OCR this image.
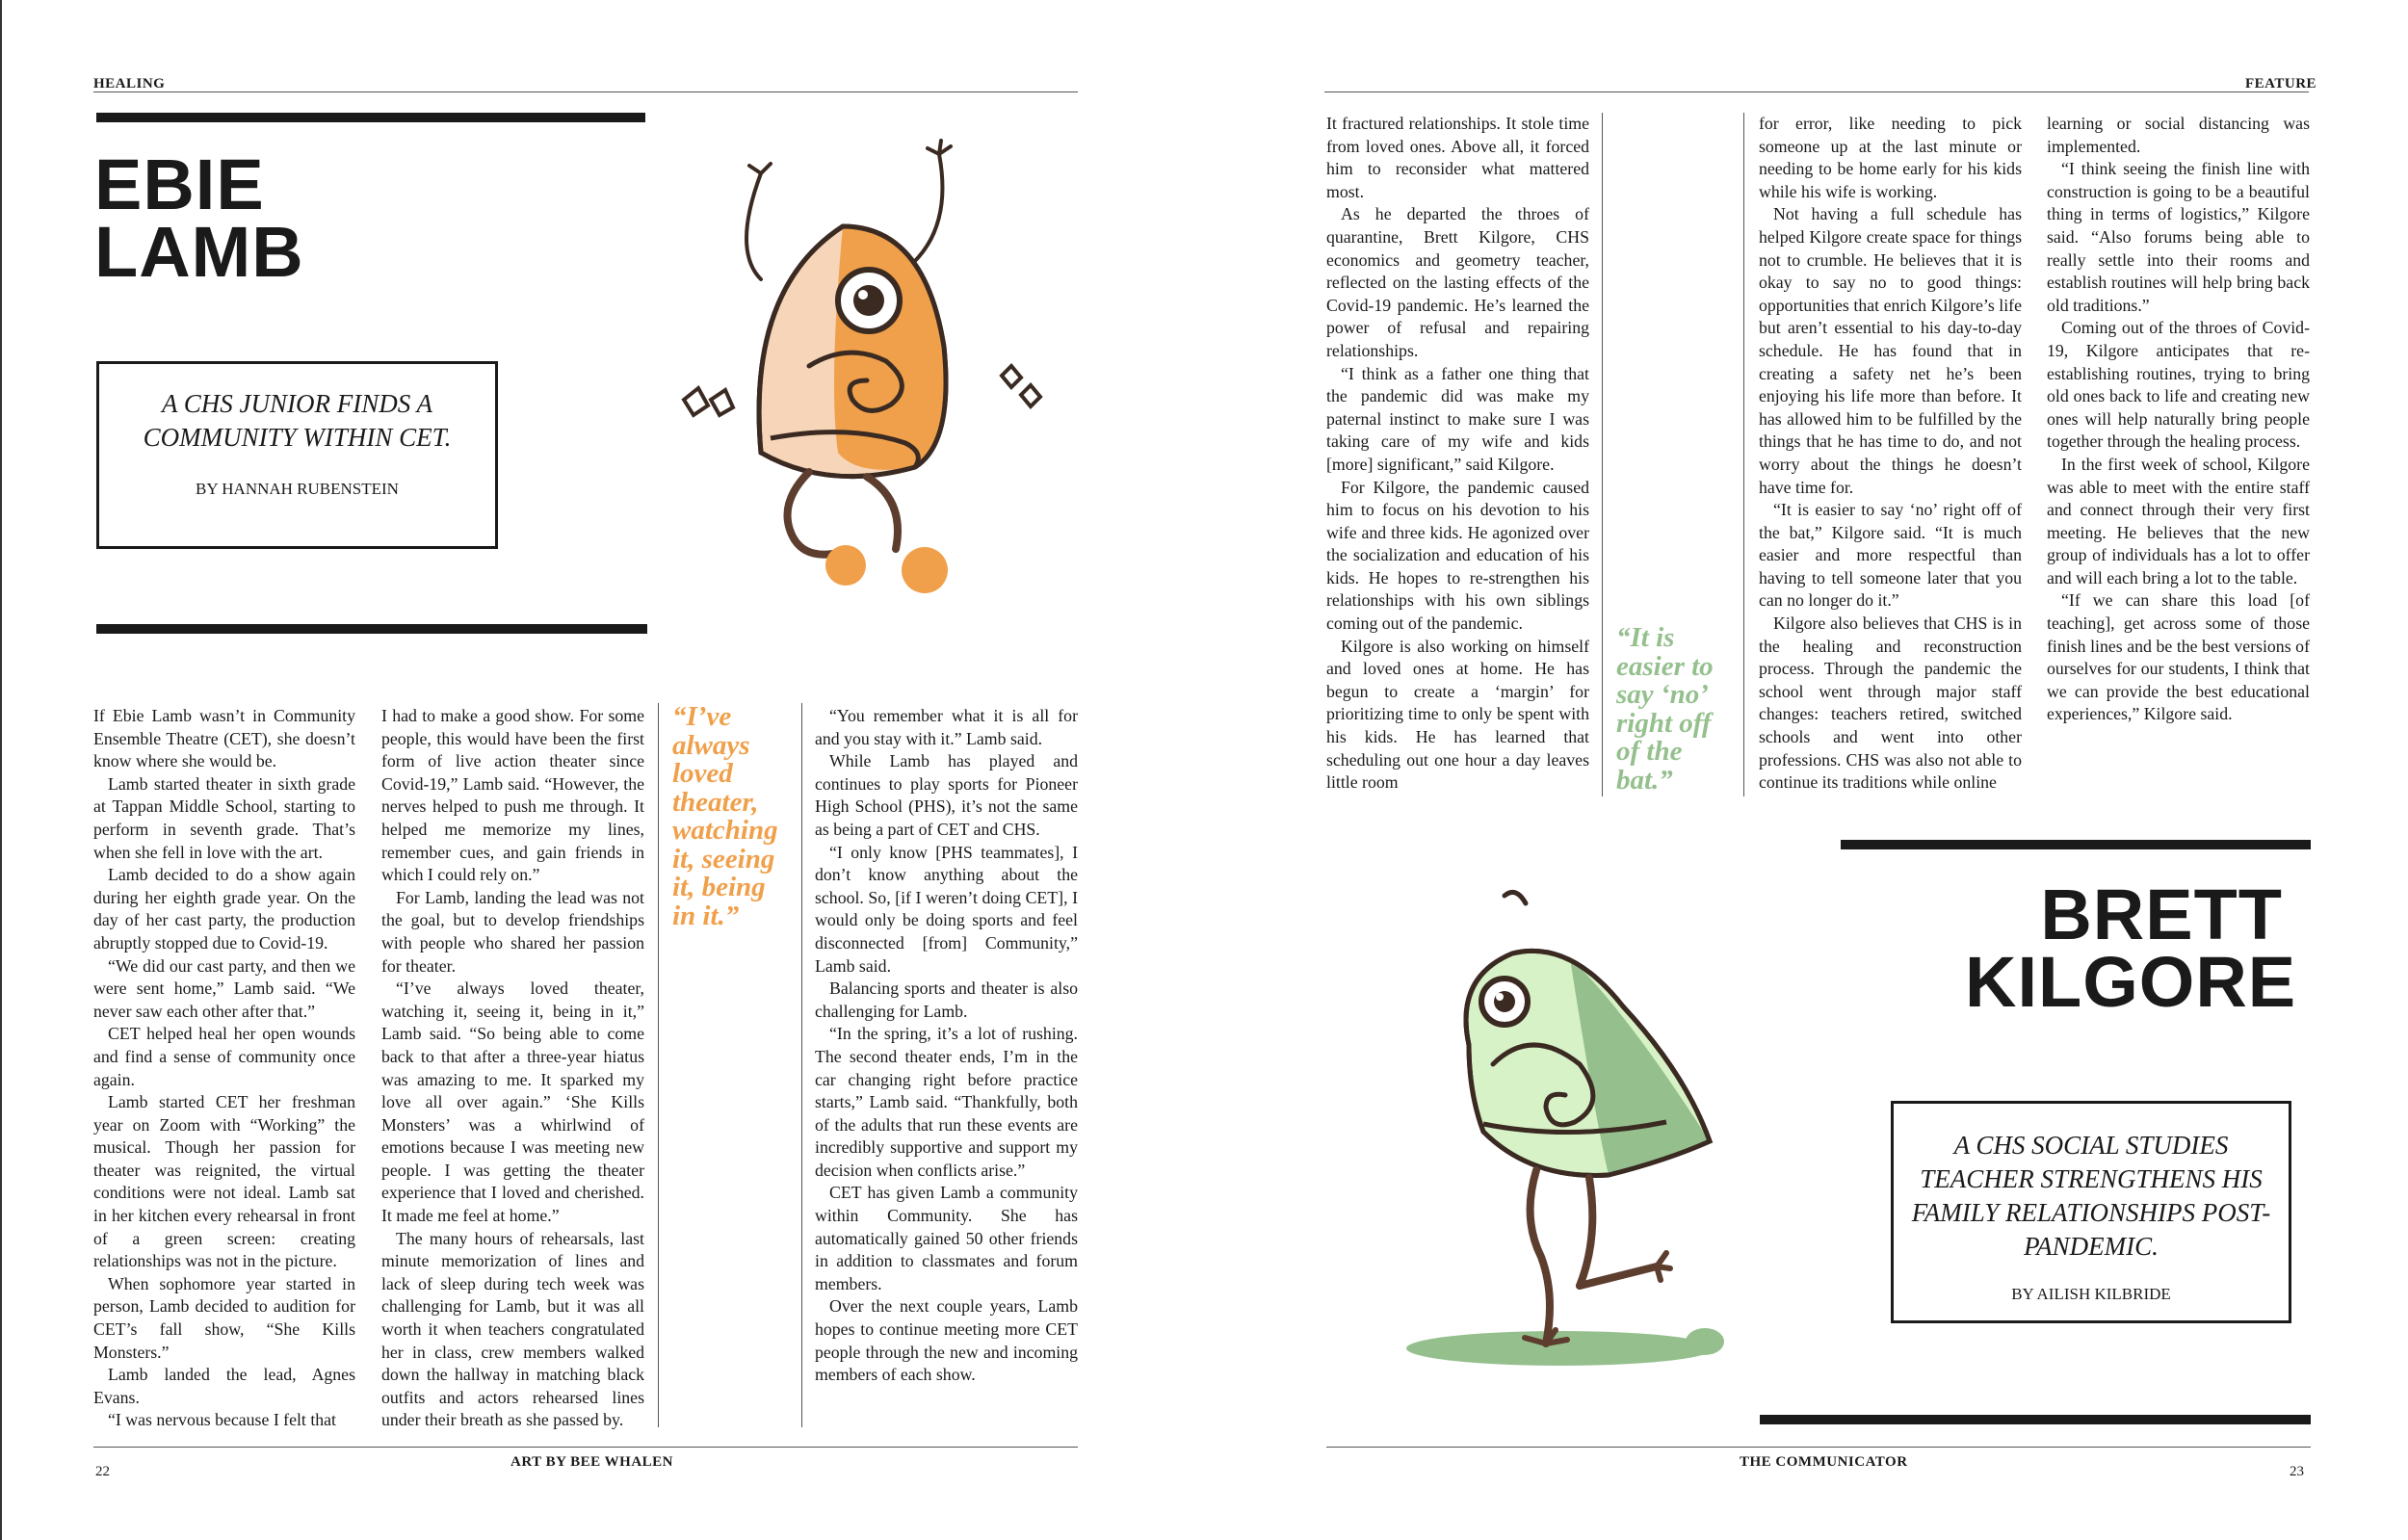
HEALING
EBIE
LAMB
A CHS JUNIOR FINDS A COMMUNITY WITHIN CET.
BY HANNAH RUBENSTEIN

If Ebie Lamb wasn’t in Community Ensemble Theatre (CET), she doesn’t know where she would be.

Lamb started theater in sixth grade at Tappan Middle School, starting to perform in seventh grade. That’s when she fell in love with the art.

Lamb decided to do a show again during her eighth grade year. On the day of her cast party, the production abruptly stopped due to Covid-19.

“We did our cast party, and then we were sent home,” Lamb said. “We never saw each other after that.”

CET helped heal her open wounds and find a sense of community once again.

Lamb started CET her freshman year on Zoom with “Working” the musical. Though her passion for theater was reignited, the virtual conditions were not ideal. Lamb sat in her kitchen every rehearsal in front of a green screen: creating relationships was not in the picture.

When sophomore year started in person, Lamb decided to audition for CET’s fall show, “She Kills Monsters.”

Lamb landed the lead, Agnes Evans.

“I was nervous because I felt that

I had to make a good show. For some people, this would have been the first form of live action theater since Covid-19,” Lamb said. “However, the nerves helped to push me through. It helped me memorize my lines, remember cues, and gain friends in which I could rely on.”

For Lamb, landing the lead was not the goal, but to develop friendships with people who shared her passion for theater.

“I’ve always loved theater, watching it, seeing it, being in it,” Lamb said. “So being able to come back to that after a three-year hiatus was amazing to me. It sparked my love all over again.” ‘She Kills Monsters’ was a whirlwind of emotions because I was meeting new people. I was getting the theater experience that I loved and cherished. It made me feel at home.”

The many hours of rehearsals, last minute memorization of lines and lack of sleep during tech week was challenging for Lamb, but it was all worth it when teachers congratulated her in class, crew members walked down the hallway in matching black outfits and actors rehearsed lines under their breath as she passed by.

“I’ve
always
loved
theater,
watching
it, seeing
it, being
in it.”

“You remember what it is all for and you stay with it.” Lamb said.

While Lamb has played and continues to play sports for Pioneer High School (PHS), it’s not the same as being a part of CET and CHS.

“I only know [PHS teammates], I don’t know anything about the school. So, [if I weren’t doing CET], I would only be doing sports and feel disconnected [from] Community,” Lamb said.

Balancing sports and theater is also challenging for Lamb.

“In the spring, it’s a lot of rushing. The second theater ends, I’m in the car changing right before practice starts,” Lamb said. “Thankfully, both of the adults that run these events are incredibly supportive and support my decision when conflicts arise.”

CET has given Lamb a community within Community. She has automatically gained 50 other friends in addition to classmates and forum members.

Over the next couple years, Lamb hopes to continue meeting more CET people through the new and incoming members of each show.

22
ART BY BEE WHALEN
FEATURE

It fractured relationships. It stole time from loved ones. Above all, it forced him to reconsider what mattered most.

As he departed the throes of quarantine, Brett Kilgore, CHS economics and geometry teacher, reflected on the lasting effects of the Covid-19 pandemic. He’s learned the power of refusal and repairing relationships.

“I think as a father one thing that the pandemic did was make my paternal instinct to make sure I was taking care of my wife and kids [more] significant,” said Kilgore.

For Kilgore, the pandemic caused him to focus on his devotion to his wife and three kids. He agonized over the socialization and education of his kids. He hopes to re-strengthen his relationships with his own siblings coming out of the pandemic.

Kilgore is also working on himself and loved ones at home. He has begun to create a ‘margin’ for prioritizing time to only be spent with his kids. He has learned that scheduling out one hour a day leaves little room

“It is
easier to
say ‘no’
right off
of the
bat.”

for error, like needing to pick someone up at the last minute or needing to be home early for his kids while his wife is working.

Not having a full schedule has helped Kilgore create space for things not to crumble. He believes that it is okay to say no to good things: opportunities that enrich Kilgore’s life but aren’t essential to his day-to-day schedule. He has found that in creating a safety net he’s been enjoying his life more than before. It has allowed him to be fulfilled by the things that he has time to do, and not worry about the things he doesn’t have time for.

“It is easier to say ‘no’ right off of the bat,” Kilgore said. “It is much easier and more respectful than having to tell someone later that you can no longer do it.”

Kilgore also believes that CHS is in the healing and reconstruction process. Through the pandemic the school went through major staff changes: teachers retired, switched schools and went into other professions. CHS was also not able to continue its traditions while online

learning or social distancing was implemented.

“I think seeing the finish line with construction is going to be a beautiful thing in terms of logistics,” Kilgore said. “Also forums being able to really settle into their rooms and establish routines will help bring back old traditions.”

Coming out of the throes of Covid-19, Kilgore anticipates that re-establishing routines, trying to bring old ones back to life and creating new ones will help naturally bring people together through the healing process.

In the first week of school, Kilgore was able to meet with the entire staff and connect through their very first meeting. He believes that the new group of individuals has a lot to offer and will each bring a lot to the table.

“If we can share this load [of teaching], get across some of those finish lines and be the best versions of ourselves for our students, I think that we can provide the best educational experiences,” Kilgore said.

BRETT
KILGORE
A CHS SOCIAL STUDIES TEACHER STRENGTHENS HIS FAMILY RELATIONSHIPS POST-PANDEMIC.
BY AILISH KILBRIDE
THE COMMUNICATOR
23
